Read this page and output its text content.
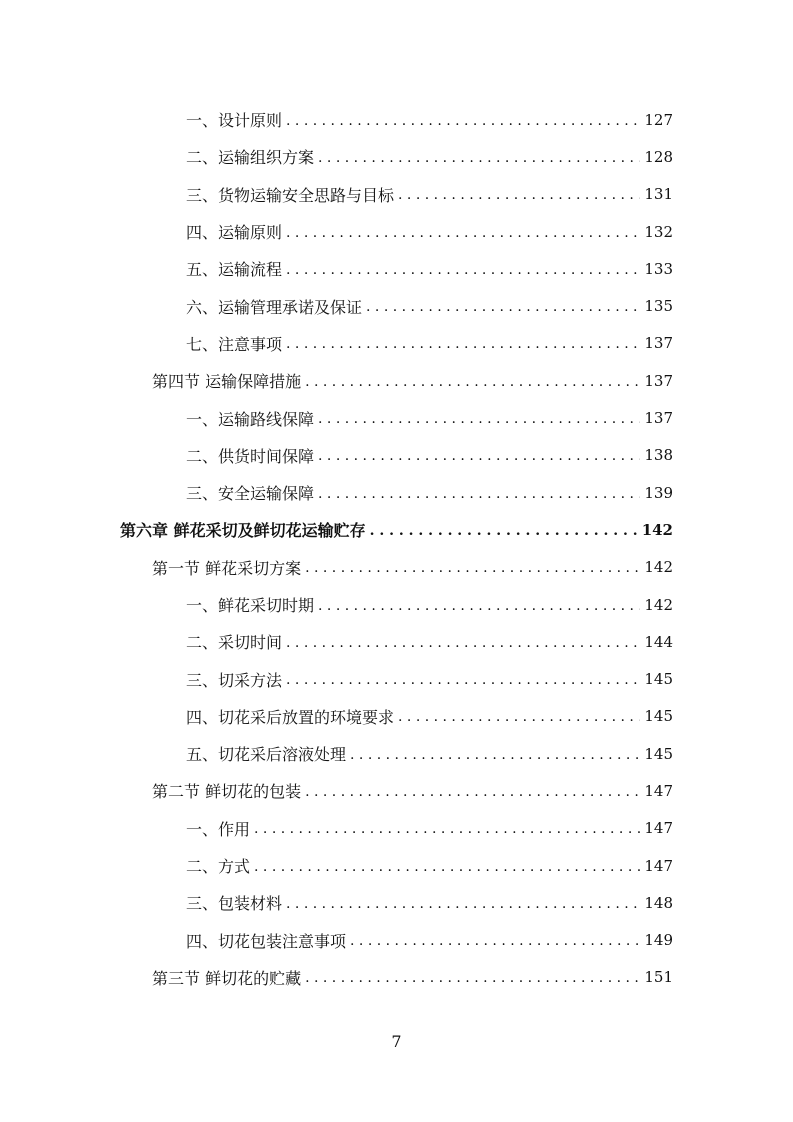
一、设计原则 . . .	127
二、运输组织方案 . . .	128
三、货物运输安全思路与目标 . . .	131
四、运输原则 . . .	132
五、运输流程 . . .	133
六、运输管理承诺及保证 . . .	135
七、注意事项 . . .	137
第四节 运输保障措施 . . .	137
一、运输路线保障 . . .	137
二、供货时间保障 . . .	138
三、安全运输保障 . . .	139
第六章 鲜花采切及鲜切花运输贮存 . . .	142
第一节 鲜花采切方案 . . .	142
一、鲜花采切时期 . . .	142
二、采切时间 . . .	144
三、切采方法 . . .	145
四、切花采后放置的环境要求 . . .	145
五、切花采后溶液处理 . . .	145
第二节 鲜切花的包装 . . .	147
一、作用 . . .	147
二、方式 . . .	147
三、包装材料 . . .	148
四、切花包装注意事项 . . .	149
第三节 鲜切花的贮藏 . . .	151
7
